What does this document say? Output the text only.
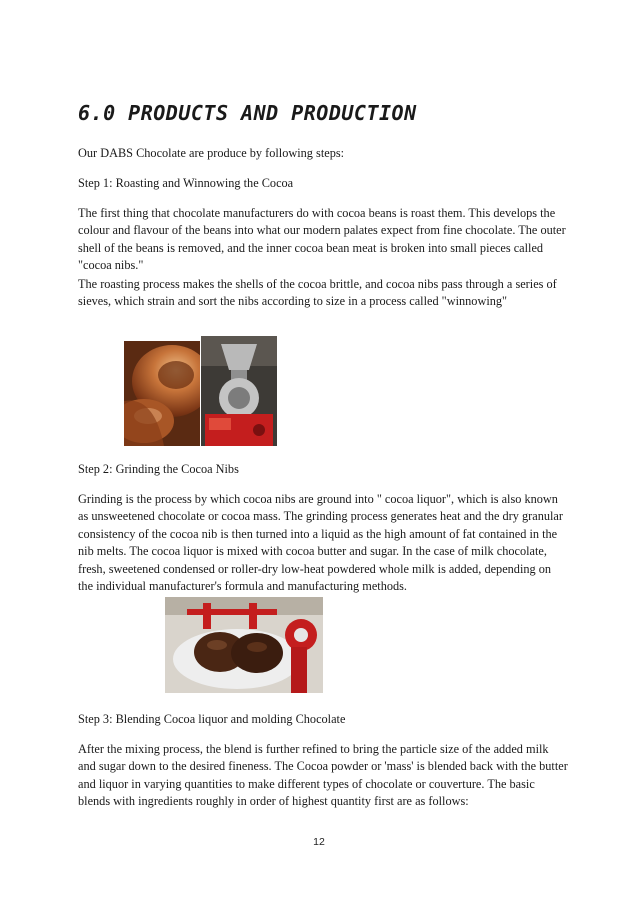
6.0 PRODUCTS AND PRODUCTION

Our DABS Chocolate are produce by following steps:

Step 1: Roasting and Winnowing the Cocoa

The first thing that chocolate manufacturers do with cocoa beans is roast them. This develops the colour and flavour of the beans into what our modern palates expect from fine chocolate. The outer shell of the beans is removed, and the inner cocoa bean meat is broken into small pieces called "cocoa nibs."

The roasting process makes the shells of the cocoa brittle, and cocoa nibs pass through a series of sieves, which strain and sort the nibs according to size in a process called "winnowing"

Step 2: Grinding the Cocoa Nibs

Grinding is the process by which cocoa nibs are ground into " cocoa liquor", which is also known as unsweetened chocolate or cocoa mass. The grinding process generates heat and the dry granular consistency of the cocoa nib is then turned into a liquid as the high amount of fat contained in the nib melts. The cocoa liquor is mixed with cocoa butter and sugar. In the case of milk chocolate, fresh, sweetened condensed or roller-dry low-heat powdered whole milk is added, depending on the individual manufacturer's formula and manufacturing methods.

Step 3: Blending Cocoa liquor and molding Chocolate

After the mixing process, the blend is further refined to bring the particle size of the added milk and sugar down to the desired fineness. The Cocoa powder or 'mass' is blended back with the butter and liquor in varying quantities to make different types of chocolate or couverture. The basic blends with ingredients roughly in order of highest quantity first are as follows:

12
